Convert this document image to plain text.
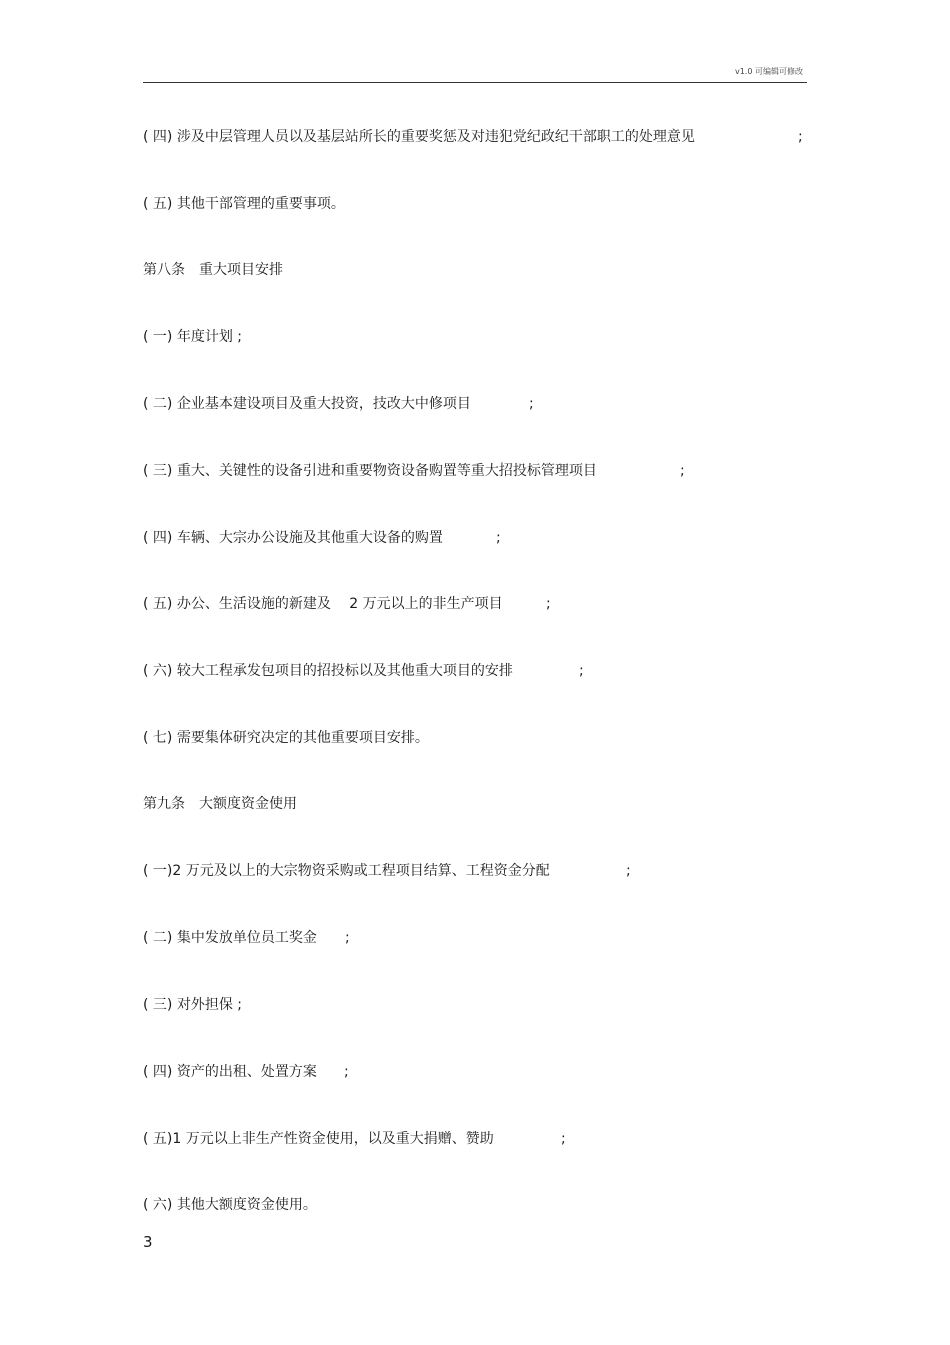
v1.0 可编辑可修改
( 四) 涉及中层管理人员以及基层站所长的重要奖惩及对违犯党纪政纪干部职工的处理意见	;
( 五) 其他干部管理的重要事项。
第八条　重大项目安排
( 一) 年度计划 ;
( 二) 企业基本建设项目及重大投资，技改大中修项目	;
( 三) 重大、关键性的设备引进和重要物资设备购置等重大招投标管理项目	;
( 四) 车辆、大宗办公设施及其他重大设备的购置	;
( 五) 办公、生活设施的新建及　 2 万元以上的非生产项目	;
( 六) 较大工程承发包项目的招投标以及其他重大项目的安排	;
( 七) 需要集体研究决定的其他重要项目安排。
第九条　大额度资金使用
( 一)2 万元及以上的大宗物资采购或工程项目结算、工程资金分配	;
( 二) 集中发放单位员工奖金 ;
( 三) 对外担保 ;
( 四) 资产的出租、处置方案 ;
( 五)1 万元以上非生产性资金使用，以及重大捐赠、赞助	;
( 六) 其他大额度资金使用。
3
